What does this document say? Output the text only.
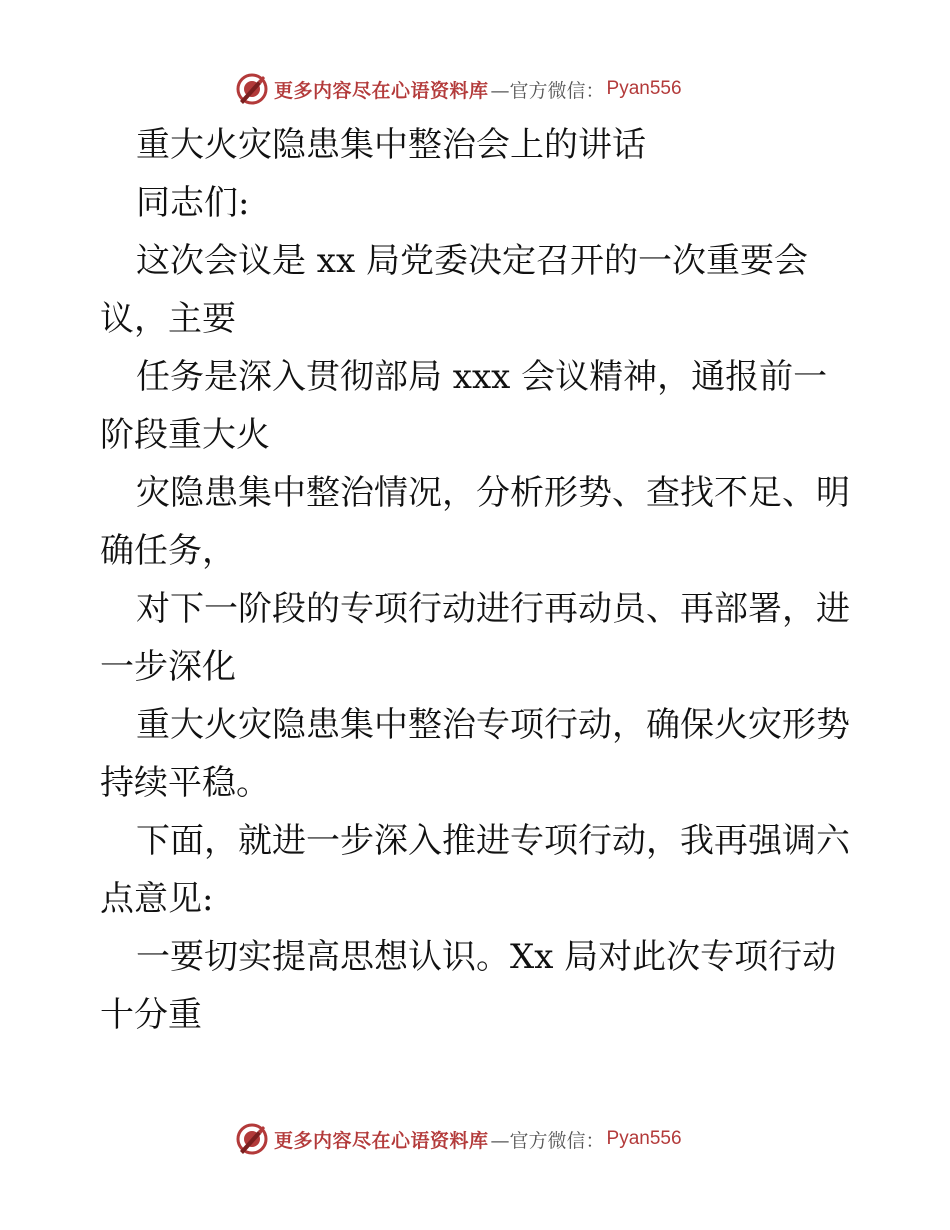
更多内容尽在心语资料库 —官方微信： Pyan556
重大火灾隐患集中整治会上的讲话
同志们:
这次会议是 xx 局党委决定召开的一次重要会
议，主要
任务是深入贯彻部局 xxx 会议精神，通报前一
阶段重大火
灾隐患集中整治情况，分析形势、查找不足、明
确任务，
对下一阶段的专项行动进行再动员、再部署，进
一步深化
重大火灾隐患集中整治专项行动，确保火灾形势
持续平稳。
下面，就进一步深入推进专项行动，我再强调六
点意见:
一要切实提高思想认识。Xx 局对此次专项行动
十分重
更多内容尽在心语资料库 —官方微信： Pyan556
